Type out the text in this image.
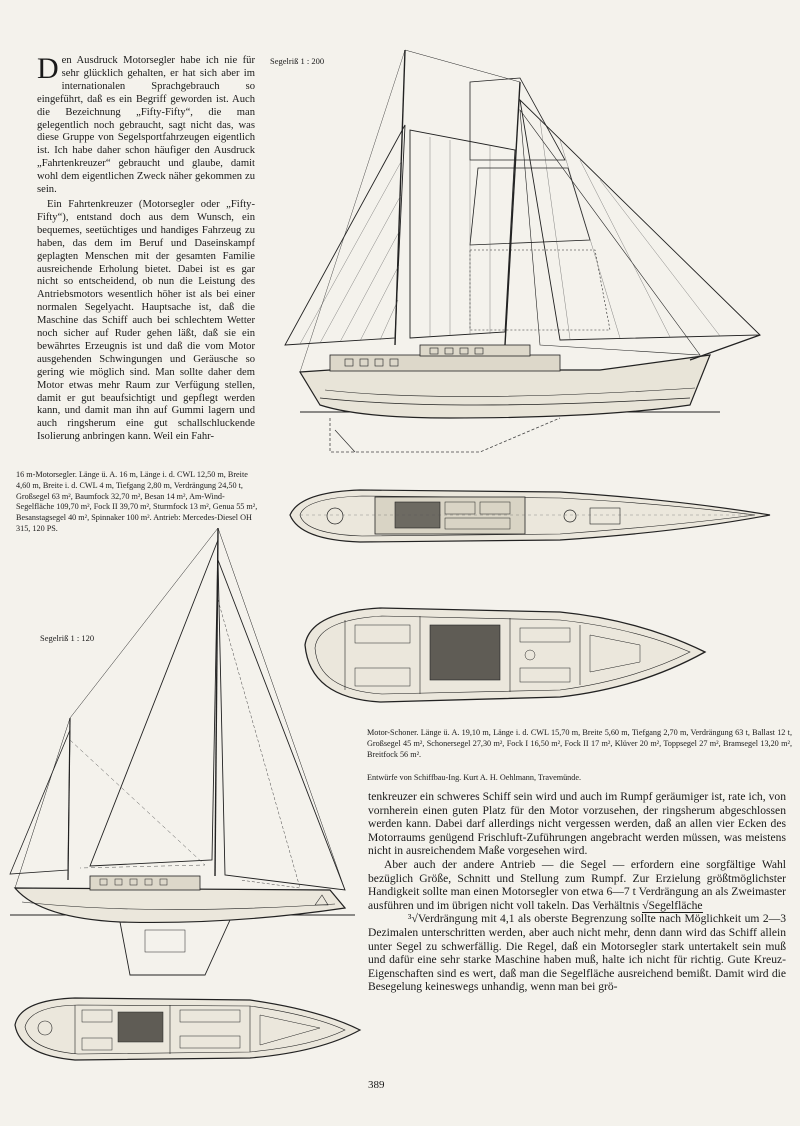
Den Ausdruck Motorsegler habe ich nie für sehr glücklich gehalten, er hat sich aber im internationalen Sprachgebrauch so eingeführt, daß es ein Begriff geworden ist. Auch die Bezeichnung „Fifty-Fifty“, die man gelegentlich noch gebraucht, sagt nicht das, was diese Gruppe von Segelsportfahrzeugen eigentlich ist. Ich habe daher schon häufiger den Ausdruck „Fahrtenkreuzer“ gebraucht und glaube, damit wohl dem eigentlichen Zweck näher gekommen zu sein.

Ein Fahrtenkreuzer (Motorsegler oder „Fifty-Fifty“), entstand doch aus dem Wunsch, ein bequemes, seetüchtiges und handiges Fahrzeug zu haben, das dem im Beruf und Daseinskampf geplagten Menschen mit der gesamten Familie ausreichende Erholung bietet. Dabei ist es gar nicht so entscheidend, ob nun die Leistung des Antriebsmotors wesentlich höher ist als bei einer normalen Segelyacht. Hauptsache ist, daß die Maschine das Schiff auch bei schlechtem Wetter noch sicher auf Ruder gehen läßt, daß sie ein bewährtes Erzeugnis ist und daß die vom Motor ausgehenden Schwingungen und Geräusche so gering wie möglich sind. Man sollte daher dem Motor etwas mehr Raum zur Verfügung stellen, damit er gut beaufsichtigt und gepflegt werden kann, und damit man ihn auf Gummi lagern und auch ringsherum eine gut schallschluckende Isolierung anbringen kann. Weil ein Fahr-

Segelriß 1 : 200
Segelriß 1 : 120
16 m-Motorsegler. Länge ü. A. 16 m, Länge i. d. CWL 12,50 m, Breite 4,60 m, Breite i. d. CWL 4 m, Tiefgang 2,80 m, Verdrängung 24,50 t, Großsegel 63 m², Baumfock 32,70 m², Besan 14 m², Am-Wind-Segelfläche 109,70 m², Fock II 39,70 m², Sturmfock 13 m², Genua 55 m², Besanstagsegel 40 m², Spinnaker 100 m². Antrieb: Mercedes-Diesel OH 315, 120 PS.
Motor-Schoner. Länge ü. A. 19,10 m, Länge i. d. CWL 15,70 m, Breite 5,60 m, Tiefgang 2,70 m, Verdrängung 63 t, Ballast 12 t, Großsegel 45 m², Schonersegel 27,30 m², Fock I 16,50 m², Fock II 17 m², Klüver 20 m², Toppsegel 27 m², Bramsegel 13,20 m², Breitfock 56 m².
Entwürfe von Schiffbau-Ing. Kurt A. H. Oehlmann, Travemünde.

tenkreuzer ein schweres Schiff sein wird und auch im Rumpf geräumiger ist, rate ich, von vornherein einen guten Platz für den Motor vorzusehen, der ringsherum abgeschlossen werden kann. Dabei darf allerdings nicht vergessen werden, daß an allen vier Ecken des Motorraums genügend Frischluft-Zuführungen angebracht werden müssen, was meistens nicht in ausreichendem Maße vorgesehen wird.

Aber auch der andere Antrieb — die Segel — erfordern eine sorgfältige Wahl bezüglich Größe, Schnitt und Stellung zum Rumpf. Zur Erzielung größtmöglichster Handigkeit sollte man einen Motorsegler von etwa 6—7 t Verdrängung an als Zweimaster ausführen und im übrigen nicht voll takeln. Das Verhältnis √Segelfläche

³√Verdrängung mit 4,1 als oberste Begrenzung sollte nach Möglichkeit um 2—3 Dezimalen unterschritten werden, aber auch nicht mehr, denn dann wird das Schiff allein unter Segel zu schwerfällig. Die Regel, daß ein Motorsegler stark untertakelt sein muß und dafür eine sehr starke Maschine haben muß, halte ich nicht für richtig. Gute Kreuz-Eigenschaften sind es wert, daß man die Segelfläche ausreichend bemißt. Damit wird die Besegelung keineswegs unhandig, wenn man bei grö-

389
